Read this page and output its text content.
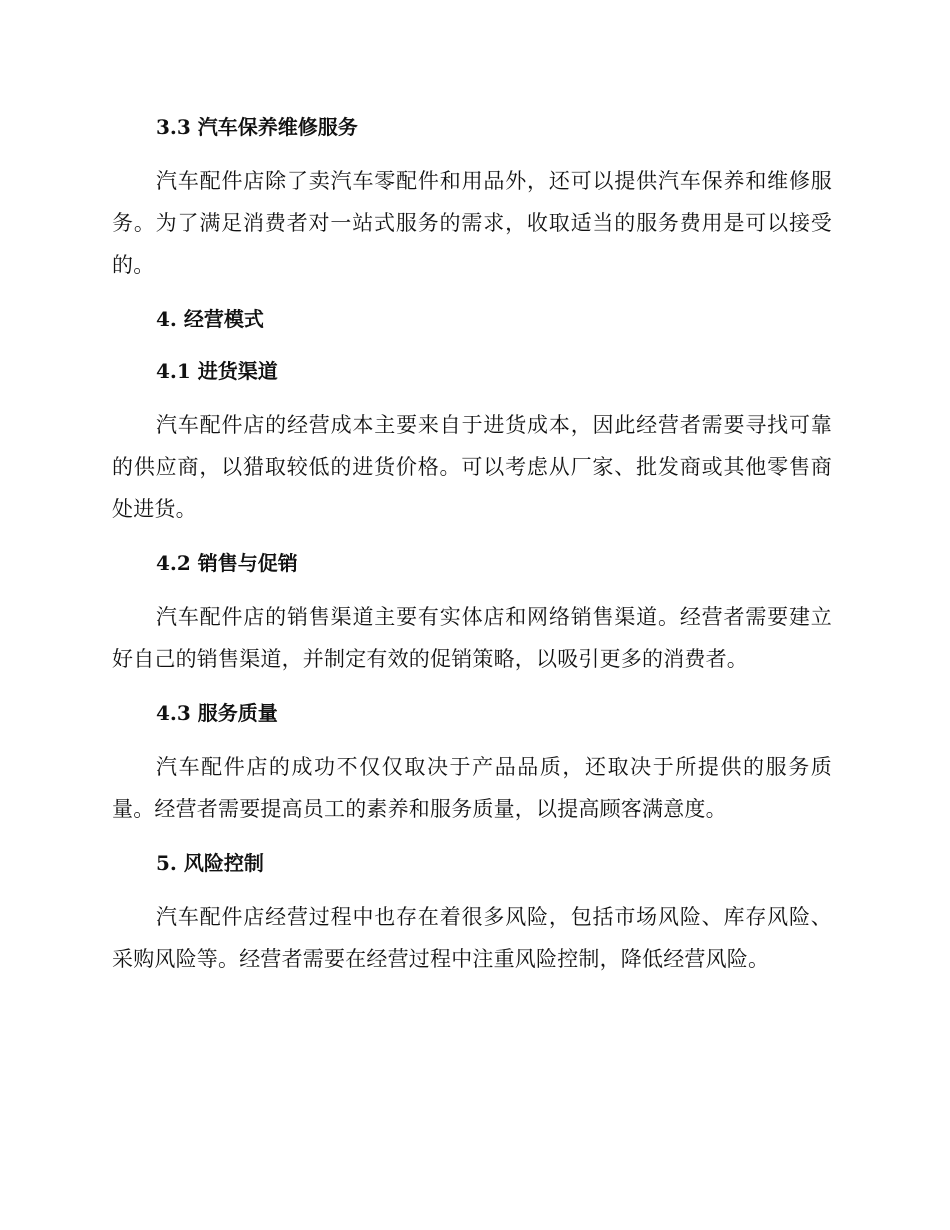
3.3 汽车保养维修服务

汽车配件店除了卖汽车零配件和用品外，还可以提供汽车保养和维修服务。为了满足消费者对一站式服务的需求，收取适当的服务费用是可以接受的。

4. 经营模式
4.1 进货渠道

汽车配件店的经营成本主要来自于进货成本，因此经营者需要寻找可靠的供应商，以猎取较低的进货价格。可以考虑从厂家、批发商或其他零售商处进货。

4.2 销售与促销

汽车配件店的销售渠道主要有实体店和网络销售渠道。经营者需要建立好自己的销售渠道，并制定有效的促销策略，以吸引更多的消费者。

4.3 服务质量

汽车配件店的成功不仅仅取决于产品品质，还取决于所提供的服务质量。经营者需要提高员工的素养和服务质量，以提高顾客满意度。

5. 风险控制

汽车配件店经营过程中也存在着很多风险，包括市场风险、库存风险、采购风险等。经营者需要在经营过程中注重风险控制，降低经营风险。
